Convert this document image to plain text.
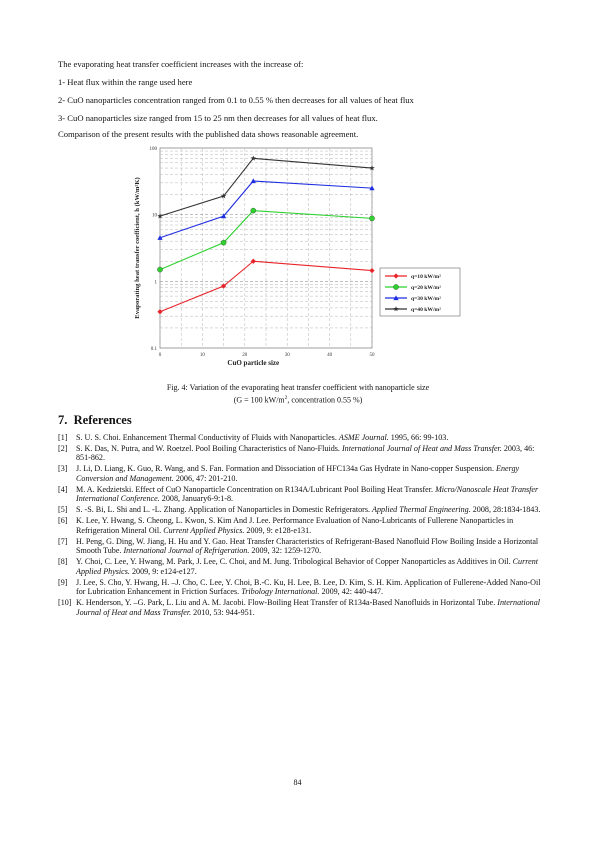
The evaporating heat transfer coefficient increases with the increase of:
1- Heat flux within the range used here
2- CuO nanoparticles concentration ranged from 0.1 to 0.55 % then decreases for all values of heat flux
3- CuO nanoparticles size ranged from 15 to 25 nm then decreases for all values of heat flux.
Comparison of the present results with the published data shows reasonable agreement.
0.1
1
10
100
0	10	20	30	40	50
CuO particle size
Evaporating heat transfer coefficient, h (kW/m²K)	q=10 kW/m²
q=20 kW/m²
q=30 kW/m²
q=40 kW/m²
Fig. 4: Variation of the evaporating heat transfer coefficient with nanoparticle size
(G = 100 $kW/m^2$, concentration 0.55 %)
7. References
[1] S. U. S. Choi. Enhancement Thermal Conductivity of Fluids with Nanoparticles. ASME Journal. 1995, 66: 99-103.
[2] S. K. Das, N. Putra, and W. Roetzel. Pool Boiling Characteristics of Nano-Fluids. International Journal of Heat and Mass Transfer. 2003, 46: 851-862.
[3] J. Li, D. Liang, K. Guo, R. Wang, and S. Fan. Formation and Dissociation of HFC134a Gas Hydrate in Nano-copper Suspension. Energy Conversion and Management. 2006, 47: 201-210.
[4] M. A. Kedzietski. Effect of CuO Nanoparticle Concentration on R134A/Lubricant Pool Boiling Heat Transfer. Micro/Nanoscale Heat Transfer International Conference. 2008, January6-9:1-8.
[5] S. -S. Bi, L. Shi and L. -L. Zhang. Application of Nanoparticles in Domestic Refrigerators. Applied Thermal Engineering. 2008, 28:1834-1843.
[6] K. Lee, Y. Hwang, S. Cheong, L. Kwon, S. Kim And J. Lee. Performance Evaluation of Nano-Lubricants of Fullerene Nanoparticles in Refrigeration Mineral Oil. Current Applied Physics. 2009, 9: e128-e131.
[7] H. Peng, G. Ding, W. Jiang, H. Hu and Y. Gao. Heat Transfer Characteristics of Refrigerant-Based Nanofluid Flow Boiling Inside a Horizontal Smooth Tube. International Journal of Refrigeration. 2009, 32: 1259-1270.
[8] Y. Choi, C. Lee, Y. Hwang, M. Park, J. Lee, C. Choi, and M. Jung. Tribological Behavior of Copper Nanoparticles as Additives in Oil. Current Applied Physics. 2009, 9: e124-e127.
[9] J. Lee, S. Cho, Y. Hwang, H. –J. Cho, C. Lee, Y. Choi, B.-C. Ku, H. Lee, B. Lee, D. Kim, S. H. Kim. Application of Fullerene-Added Nano-Oil for Lubrication Enhancement in Friction Surfaces. Tribology International. 2009, 42: 440-447.
[10] K. Henderson, Y. –G. Park, L. Liu and A. M. Jacobi. Flow-Boiling Heat Transfer of R134a-Based Nanofluids in Horizontal Tube. International Journal of Heat and Mass Transfer. 2010, 53: 944-951.
84
